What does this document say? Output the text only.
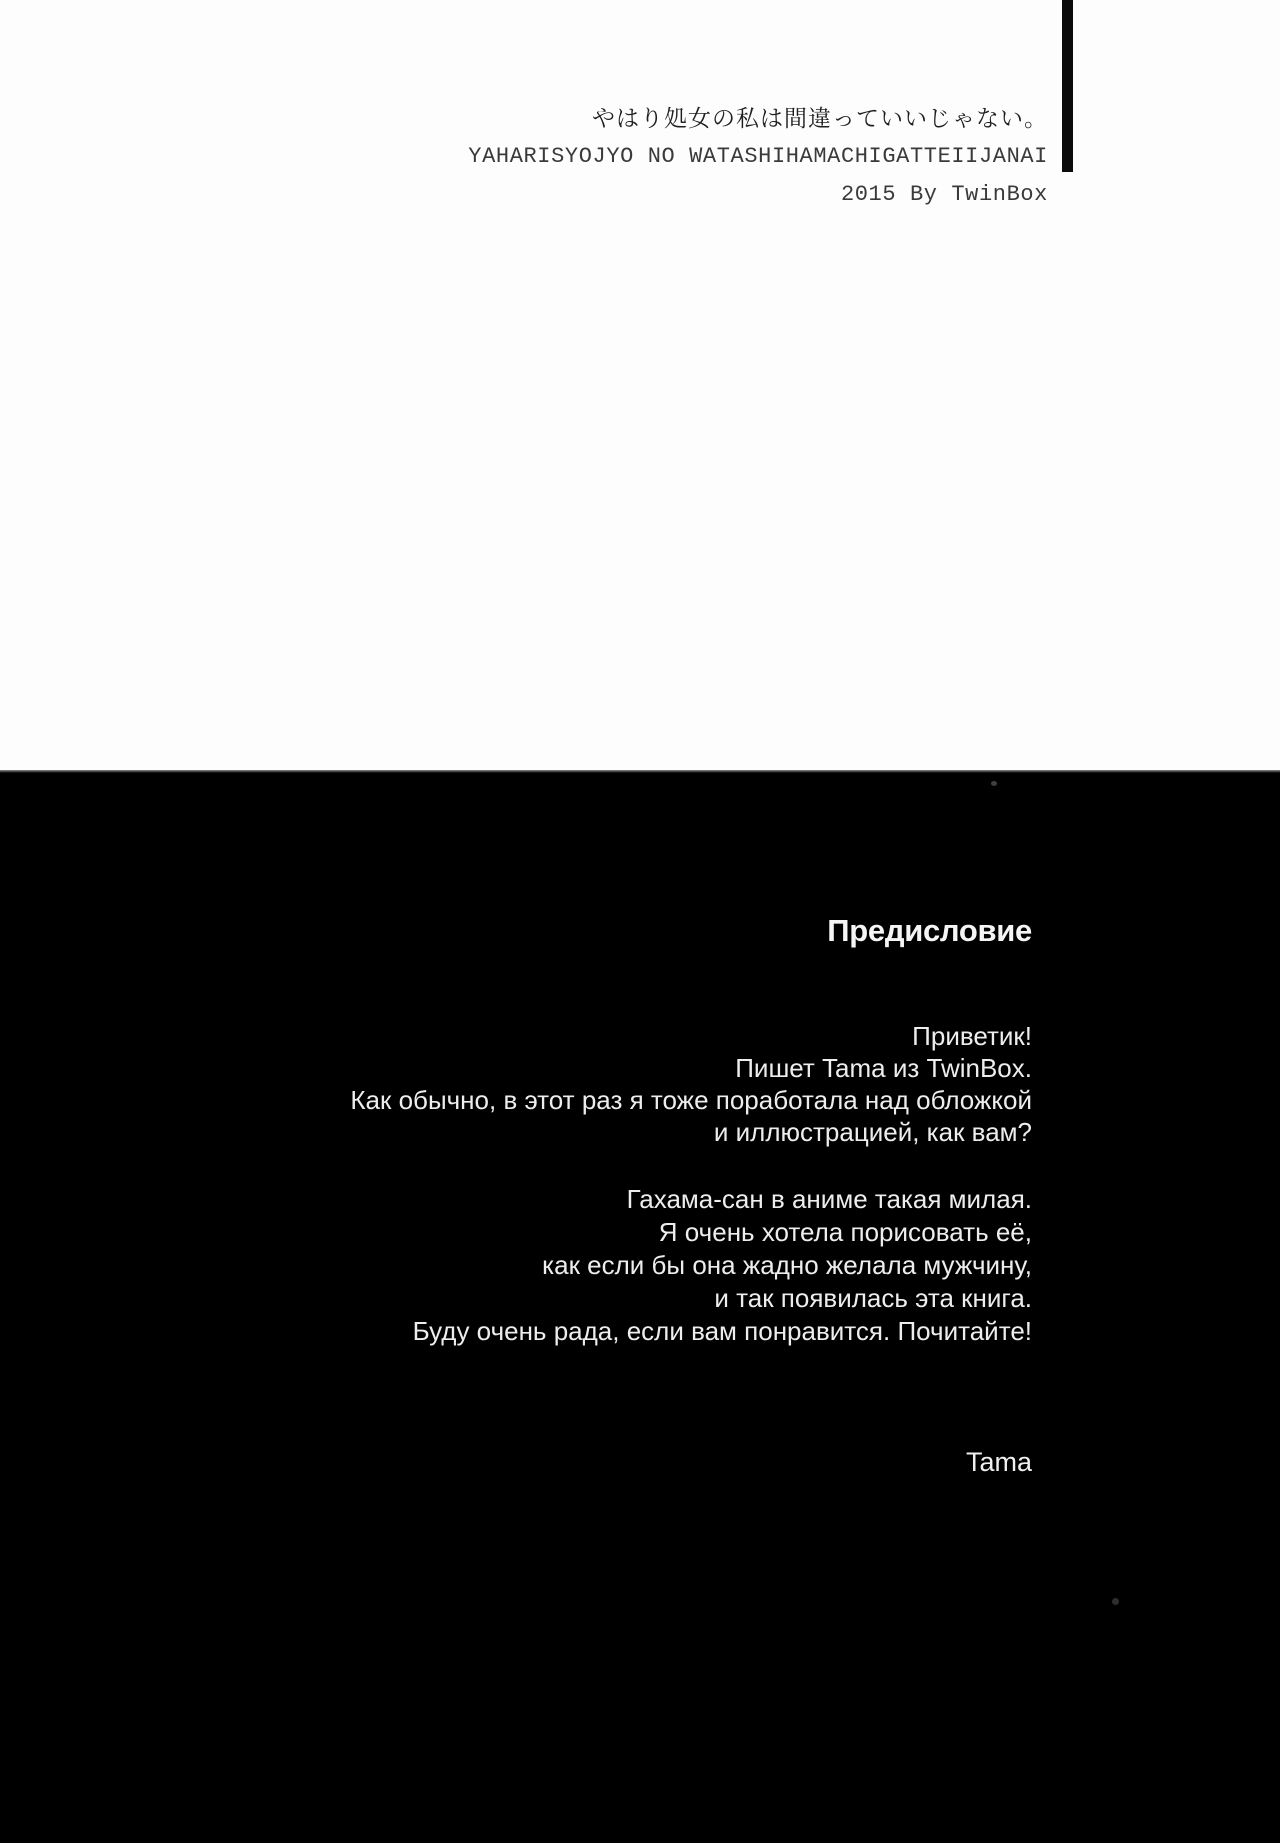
やはり処女の私は間違っていいじゃない。
YAHARISYOJYO NO WATASHIHAMACHIGATTEIIJANAI
2015 By TwinBox
Предисловие
Приветик!
Пишет Tama из TwinBox.
Как обычно, в этот раз я тоже поработала над обложкой
и иллюстрацией, как вам?
Гахама-сан в аниме такая милая.
Я очень хотела порисовать её,
как если бы она жадно желала мужчину,
и так появилась эта книга.
Буду очень рада, если вам понравится. Почитайте!
Tama
